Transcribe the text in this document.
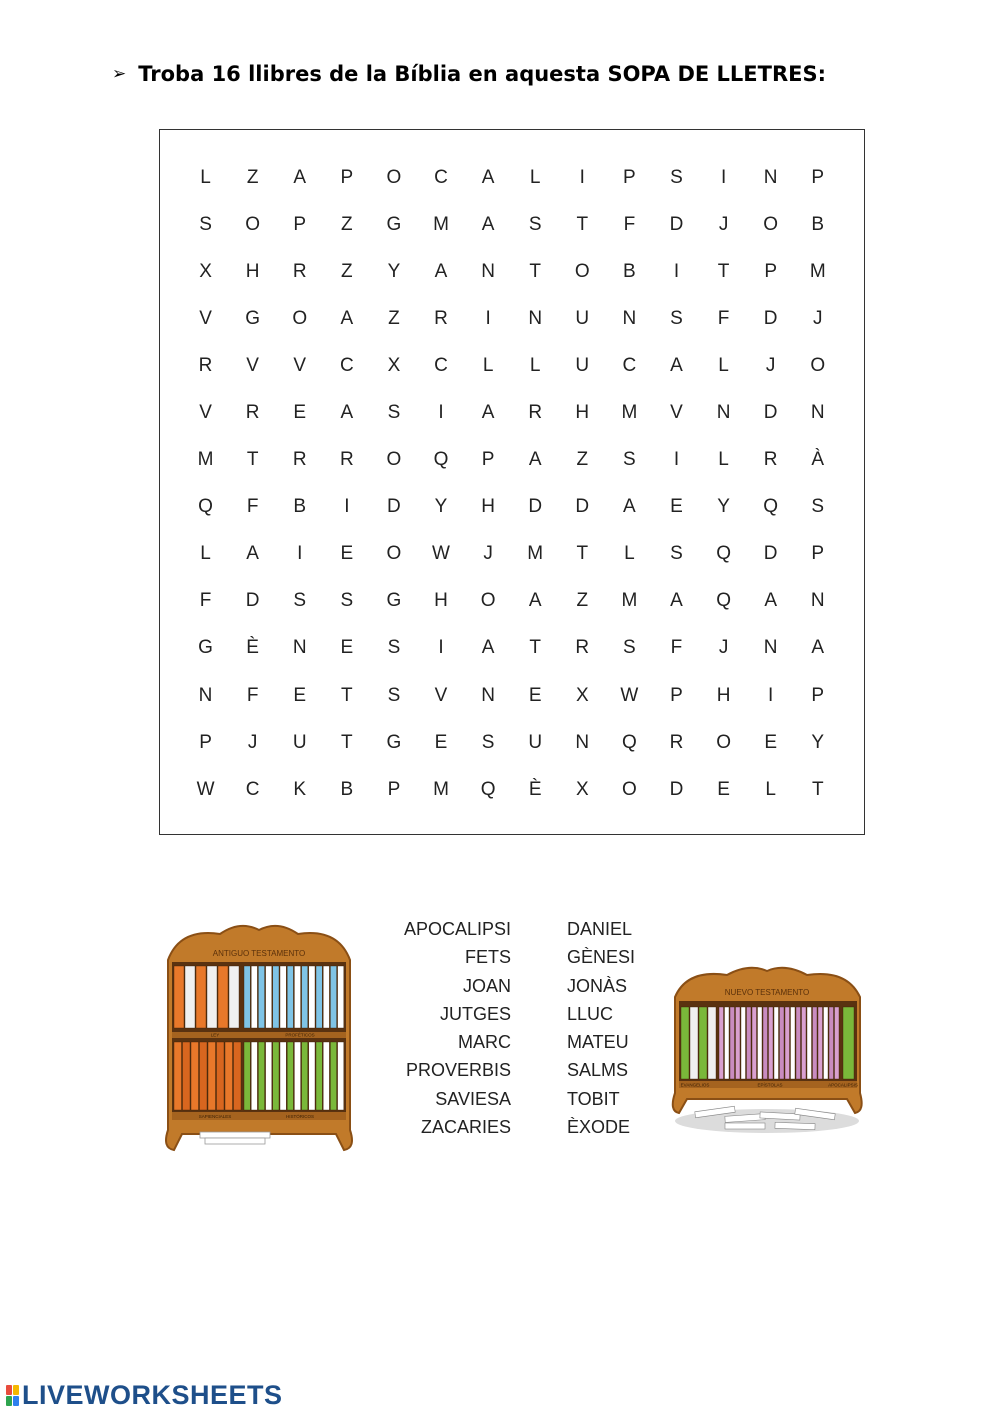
➢ Troba 16 llibres de la Bíblia en aquesta SOPA DE LLETRES:
L	Z	A	P	O	C	A	L	I	P	S	I	N	P
S	O	P	Z	G	M	A	S	T	F	D	J	O	B
X	H	R	Z	Y	A	N	T	O	B	I	T	P	M
V	G	O	A	Z	R	I	N	U	N	S	F	D	J
R	V	V	C	X	C	L	L	U	C	A	L	J	O
V	R	E	A	S	I	A	R	H	M	V	N	D	N
M	T	R	R	O	Q	P	A	Z	S	I	L	R	À
Q	F	B	I	D	Y	H	D	D	A	E	Y	Q	S
L	A	I	E	O	W	J	M	T	L	S	Q	D	P
F	D	S	S	G	H	O	A	Z	M	A	Q	A	N
G	È	N	E	S	I	A	T	R	S	F	J	N	A
N	F	E	T	S	V	N	E	X	W	P	H	I	P
P	J	U	T	G	E	S	U	N	Q	R	O	E	Y
W	C	K	B	P	M	Q	È	X	O	D	E	L	T
ANTIGUO TESTAMENTO
LEY	PROFÉTICOS
SAPIENCIALES	HISTÓRICOS
APOCALIPSI
FETS
JOAN
JUTGES
MARC
PROVERBIS
SAVIESA
ZACARIES
DANIEL
GÈNESI
JONÀS
LLUC
MATEU
SALMS
TOBIT
ÈXODE
NUEVO TESTAMENTO
EVANGELIOS	EPÍSTOLAS	APOCALIPSIS
LIVEWORKSHEETS
